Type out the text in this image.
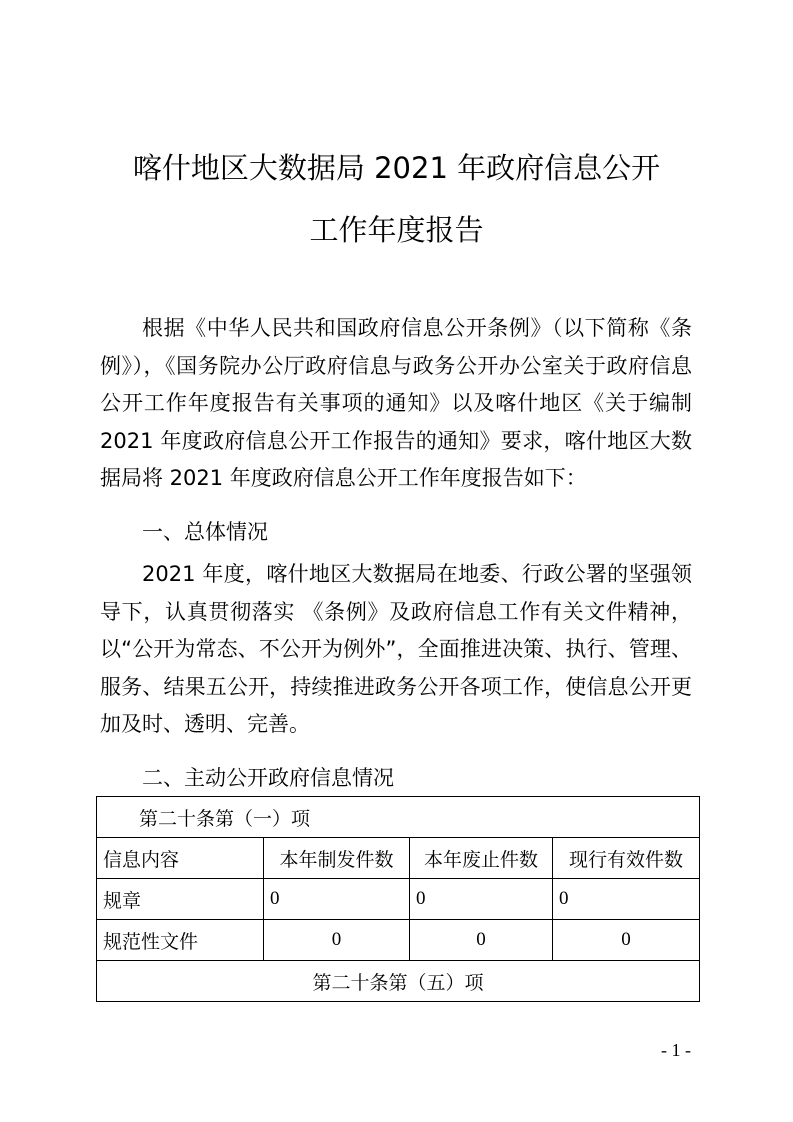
喀什地区大数据局 2021 年政府信息公开
工作年度报告
根据《中华人民共和国政府信息公开条例》（以下简称《条例》），《国务院办公厅政府信息与政务公开办公室关于政府信息公开工作年度报告有关事项的通知》以及喀什地区《关于编制2021 年度政府信息公开工作报告的通知》要求，喀什地区大数据局将 2021 年度政府信息公开工作年度报告如下：
一、总体情况
2021 年度，喀什地区大数据局在地委、行政公署的坚强领导下，认真贯彻落实 《条例》及政府信息工作有关文件精神，以“公开为常态、不公开为例外”，全面推进决策、执行、管理、服务、结果五公开，持续推进政务公开各项工作，使信息公开更加及时、透明、完善。
二、主动公开政府信息情况
第二十条第（一）项			
信息内容	本年制发件数	本年废止件数	现行有效件数
规章	0	0	0
规范性文件	0	0	0
第二十条第（五）项			
- 1 -
